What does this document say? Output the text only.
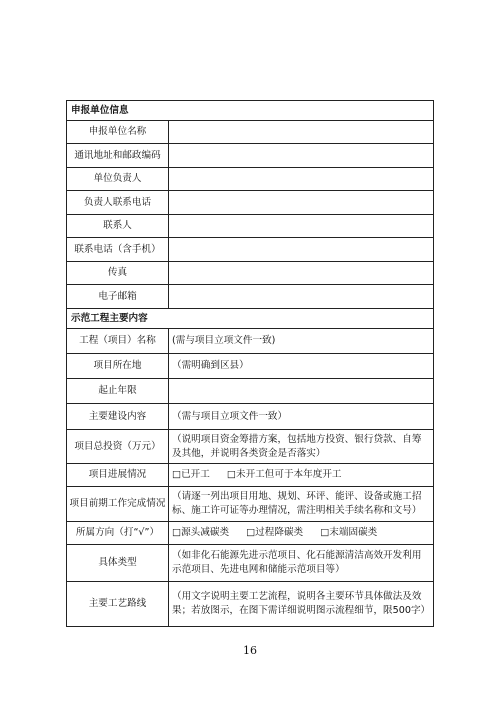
申报单位信息	
申报单位名称	
通讯地址和邮政编码	
单位负责人	
负责人联系电话	
联系人	
联系电话（含手机）	
传真	
电子邮箱	
示范工程主要内容	
工程（项目）名称	(需与项目立项文件一致)
项目所在地	（需明确到区县）
起止年限	
主要建设内容	（需与项目立项文件一致）
项目总投资（万元）	（说明项目资金筹措方案，包括地方投资、银行贷款、自筹及其他，并说明各类资金是否落实）
项目进展情况	□已开工 □未开工但可于本年度开工
项目前期工作完成情况	（请逐一列出项目用地、规划、环评、能评、设备或施工招标、施工许可证等办理情况，需注明相关手续名称和文号）
所属方向（打“√”）	□源头减碳类 □过程降碳类 □末端固碳类
具体类型	（如非化石能源先进示范项目、化石能源清洁高效开发利用示范项目、先进电网和储能示范项目等）
主要工艺路线	（用文字说明主要工艺流程，说明各主要环节具体做法及效果；若放图示，在图下需详细说明图示流程细节，限500字）
16
